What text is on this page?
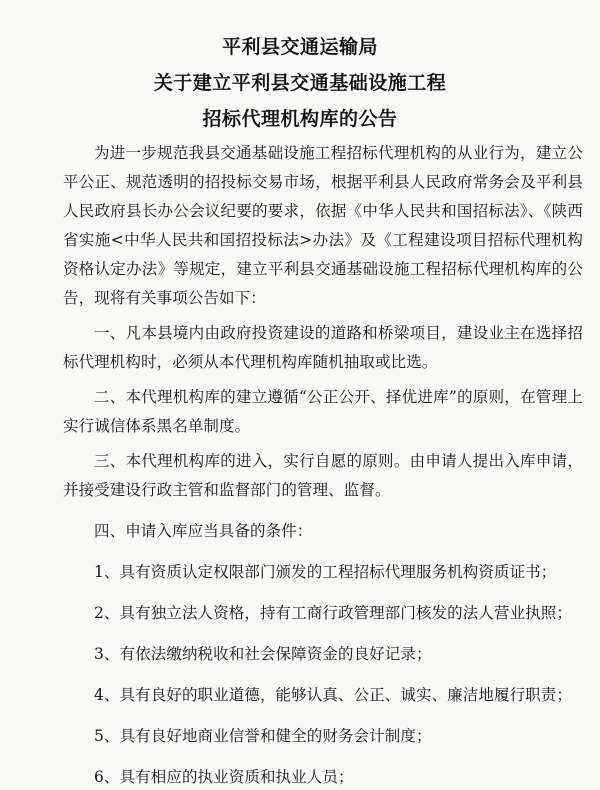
平利县交通运输局
关于建立平利县交通基础设施工程
招标代理机构库的公告

为进一步规范我县交通基础设施工程招标代理机构的从业行为，建立公平公正、规范透明的招投标交易市场，根据平利县人民政府常务会及平利县人民政府县长办公会议纪要的要求，依据《中华人民共和国招标法》、《陕西省实施<中华人民共和国招投标法>办法》及《工程建设项目招标代理机构资格认定办法》等规定，建立平利县交通基础设施工程招标代理机构库的公告，现将有关事项公告如下：

一、凡本县境内由政府投资建设的道路和桥梁项目，建设业主在选择招标代理机构时，必须从本代理机构库随机抽取或比选。

二、本代理机构库的建立遵循“公正公开、择优进库”的原则，在管理上实行诚信体系黑名单制度。

三、本代理机构库的进入，实行自愿的原则。由申请人提出入库申请，并接受建设行政主管和监督部门的管理、监督。

四、申请入库应当具备的条件：

1、具有资质认定权限部门颁发的工程招标代理服务机构资质证书；

2、具有独立法人资格，持有工商行政管理部门核发的法人营业执照；

3、有依法缴纳税收和社会保障资金的良好记录；

4、具有良好的职业道德，能够认真、公正、诚实、廉洁地履行职责；

5、具有良好地商业信誉和健全的财务会计制度；

6、具有相应的执业资质和执业人员；
